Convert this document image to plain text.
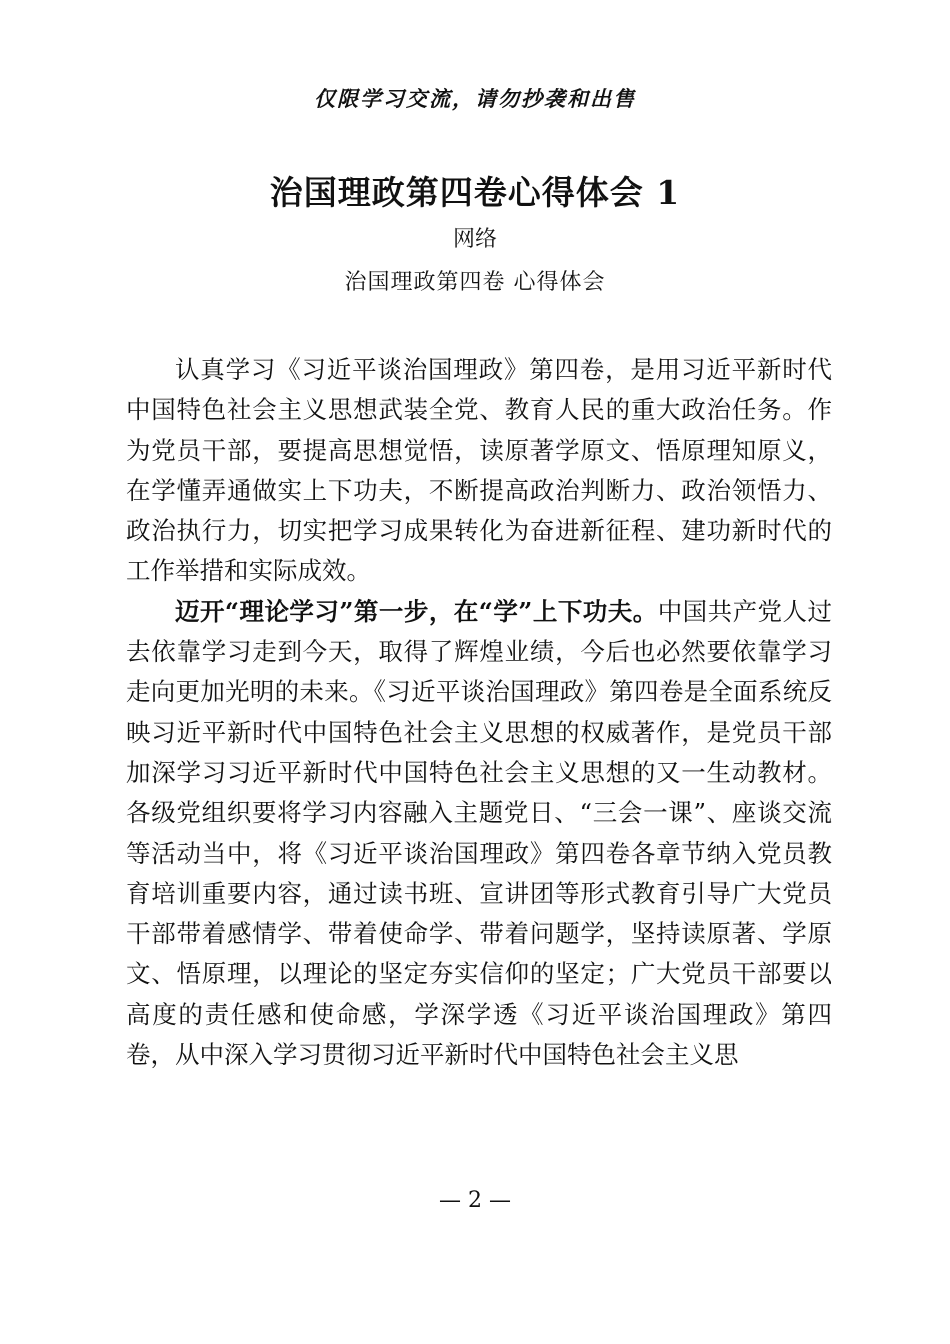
仅限学习交流，请勿抄袭和出售
治国理政第四卷心得体会 1
网络
治国理政第四卷 心得体会

认真学习《习近平谈治国理政》第四卷，是用习近平新时代中国特色社会主义思想武装全党、教育人民的重大政治任务。作为党员干部，要提高思想觉悟，读原著学原文、悟原理知原义，在学懂弄通做实上下功夫，不断提高政治判断力、政治领悟力、政治执行力，切实把学习成果转化为奋进新征程、建功新时代的工作举措和实际成效。

迈开“理论学习”第一步，在“学”上下功夫。中国共产党人过去依靠学习走到今天，取得了辉煌业绩，今后也必然要依靠学习走向更加光明的未来。《习近平谈治国理政》第四卷是全面系统反映习近平新时代中国特色社会主义思想的权威著作，是党员干部加深学习习近平新时代中国特色社会主义思想的又一生动教材。各级党组织要将学习内容融入主题党日、“三会一课”、座谈交流等活动当中，将《习近平谈治国理政》第四卷各章节纳入党员教育培训重要内容，通过读书班、宣讲团等形式教育引导广大党员干部带着感情学、带着使命学、带着问题学，坚持读原著、学原文、悟原理，以理论的坚定夯实信仰的坚定；广大党员干部要以高度的责任感和使命感，学深学透《习近平谈治国理政》第四卷，从中深入学习贯彻习近平新时代中国特色社会主义思

— 2 —
